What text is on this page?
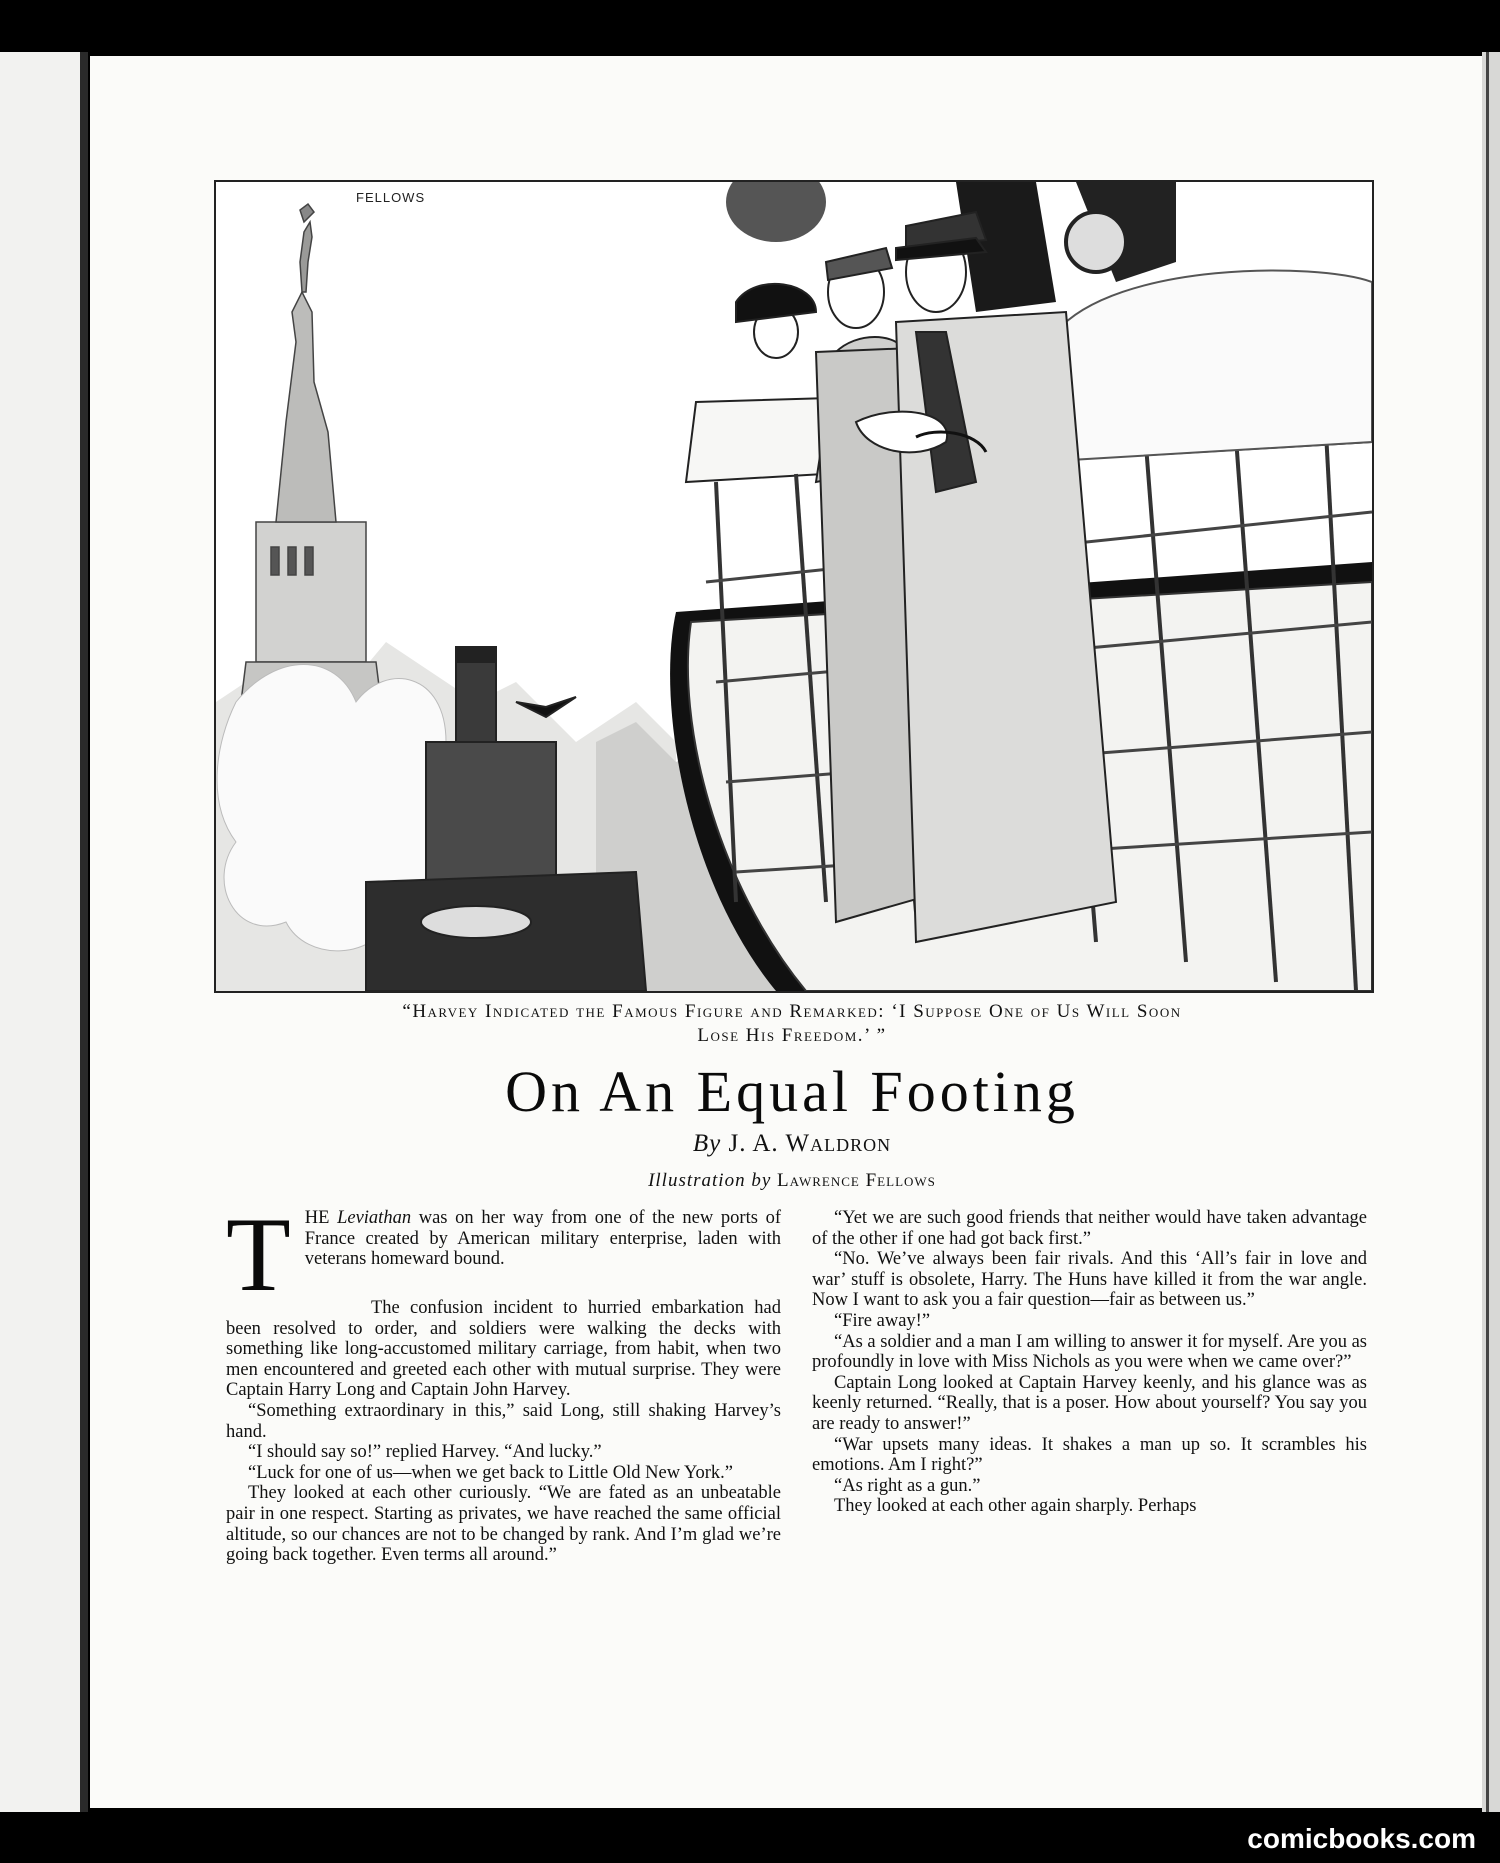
FELLOWS
“Harvey Indicated the Famous Figure and Remarked: ‘I Suppose One of Us Will Soon
Lose His Freedom.’ ”
On An Equal Footing
By J. A. Waldron
Illustration by Lawrence Fellows
T HE Leviathan was on her way from one of the new ports of France created by American military enterprise, laden with veterans homeward bound.

The confusion incident to hurried embarkation had been resolved to order, and soldiers were walking the decks with something like long-accustomed military carriage, from habit, when two men encountered and greeted each other with mutual surprise. They were Captain Harry Long and Captain John Harvey.

“Something extraordinary in this,” said Long, still shaking Harvey’s hand.

“I should say so!” replied Harvey. “And lucky.”

“Luck for one of us—when we get back to Little Old New York.”

They looked at each other curiously. “We are fated as an unbeatable pair in one respect. Starting as privates, we have reached the same official altitude, so our chances are not to be changed by rank. And I’m glad we’re going back together. Even terms all around.”

“Yet we are such good friends that neither would have taken advantage of the other if one had got back first.”

“No. We’ve always been fair rivals. And this ‘All’s fair in love and war’ stuff is obsolete, Harry. The Huns have killed it from the war angle. Now I want to ask you a fair question—fair as between us.”

“Fire away!”

“As a soldier and a man I am willing to answer it for myself. Are you as profoundly in love with Miss Nichols as you were when we came over?”

Captain Long looked at Captain Harvey keenly, and his glance was as keenly returned. “Really, that is a poser. How about yourself? You say you are ready to answer!”

“War upsets many ideas. It shakes a man up so. It scrambles his emotions. Am I right?”

“As right as a gun.”

They looked at each other again sharply. Perhaps

comicbooks.com
